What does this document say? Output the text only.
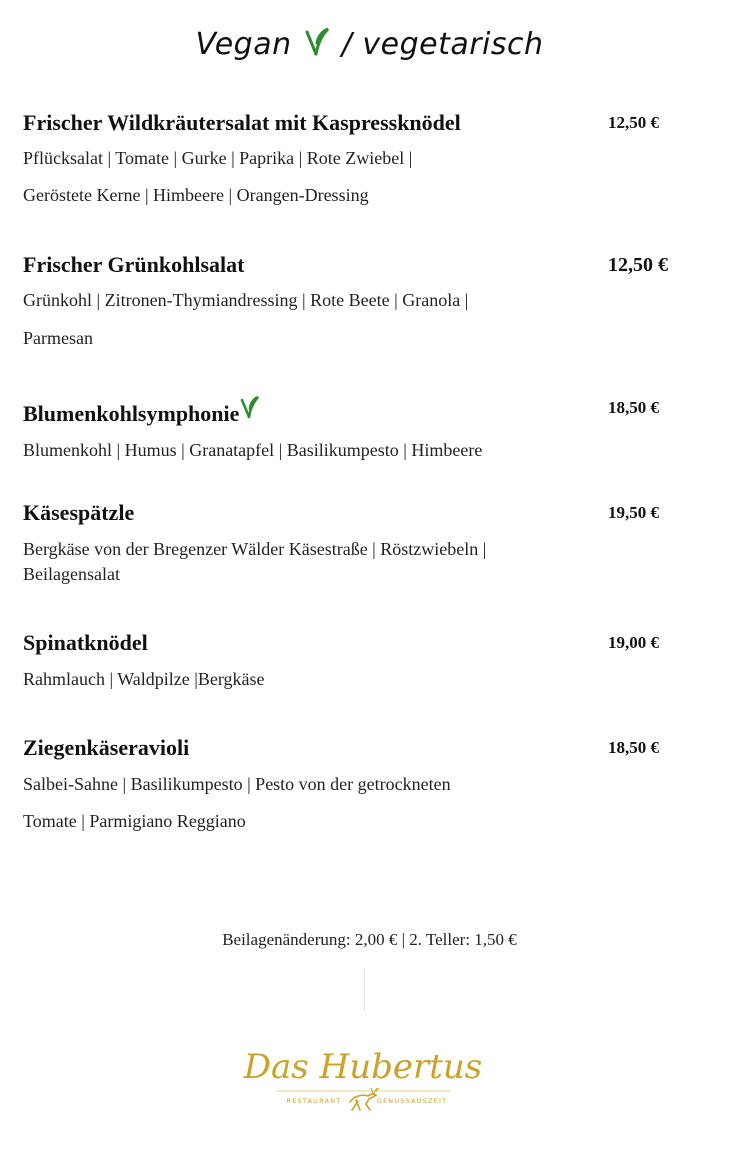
Vegan / vegetarisch
Frischer Wildkräutersalat mit Kaspressknödel	12,50 €
Pflücksalat | Tomate | Gurke | Paprika | Rote Zwiebel |
Geröstete Kerne | Himbeere | Orangen-Dressing
Frischer Grünkohlsalat	12,50 €
Grünkohl | Zitronen-Thymiandressing | Rote Beete | Granola |
Parmesan
Blumenkohlsymphonie	18,50 €
Blumenkohl | Humus | Granatapfel | Basilikumpesto | Himbeere
Käsespätzle	19,50 €
Bergkäse von der Bregenzer Wälder Käsestraße | Röstzwiebeln |
Beilagensalat
Spinatknödel	19,00 €
Rahmlauch | Waldpilze |Bergkäse
Ziegenkäseravioli	18,50 €
Salbei-Sahne | Basilikumpesto | Pesto von der getrockneten
Tomate | Parmigiano Reggiano
Beilagenänderung: 2,00 € | 2. Teller: 1,50 €
Das Hubertus
RESTAURANT	GENUSSAUSZEIT
